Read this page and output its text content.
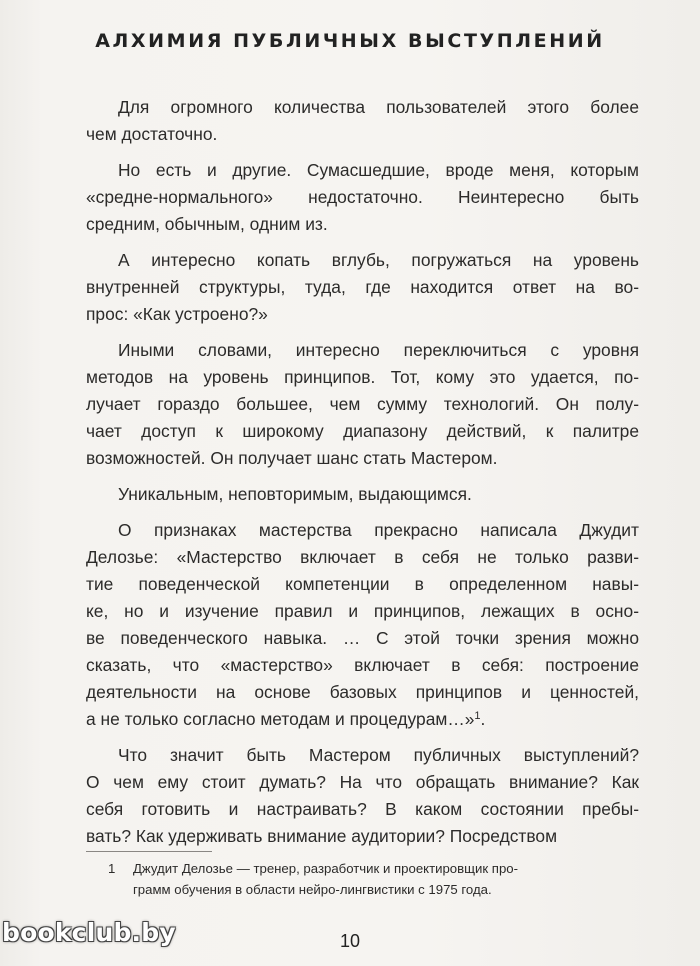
АЛХИМИЯ ПУБЛИЧНЫХ ВЫСТУПЛЕНИЙ
Для огромного количества пользователей этого более
чем достаточно.
Но есть и другие. Сумасшедшие, вроде меня, которым
«средне-нормального» недостаточно. Неинтересно быть
средним, обычным, одним из.
А интересно копать вглубь, погружаться на уровень
внутренней структуры, туда, где находится ответ на во-
прос: «Как устроено?»
Иными словами, интересно переключиться с уровня
методов на уровень принципов. Тот, кому это удается, по-
лучает гораздо большее, чем сумму технологий. Он полу-
чает доступ к широкому диапазону действий, к палитре
возможностей. Он получает шанс стать Мастером.
Уникальным, неповторимым, выдающимся.
О признаках мастерства прекрасно написала Джудит
Делозье: «Мастерство включает в себя не только разви-
тие поведенческой компетенции в определенном навы-
ке, но и изучение правил и принципов, лежащих в осно-
ве поведенческого навыка. … С этой точки зрения можно
сказать, что «мастерство» включает в себя: построение
деятельности на основе базовых принципов и ценностей,
а не только согласно методам и процедурам…»$^1$.
Что значит быть Мастером публичных выступлений?
О чем ему стоит думать? На что обращать внимание? Как
себя готовить и настраивать? В каком состоянии пребы-
вать? Как удерживать внимание аудитории? Посредством
1 Джудит Делозье — тренер, разработчик и проектировщик про-
грамм обучения в области нейро-лингвистики с 1975 года.
10
bookclub.by
